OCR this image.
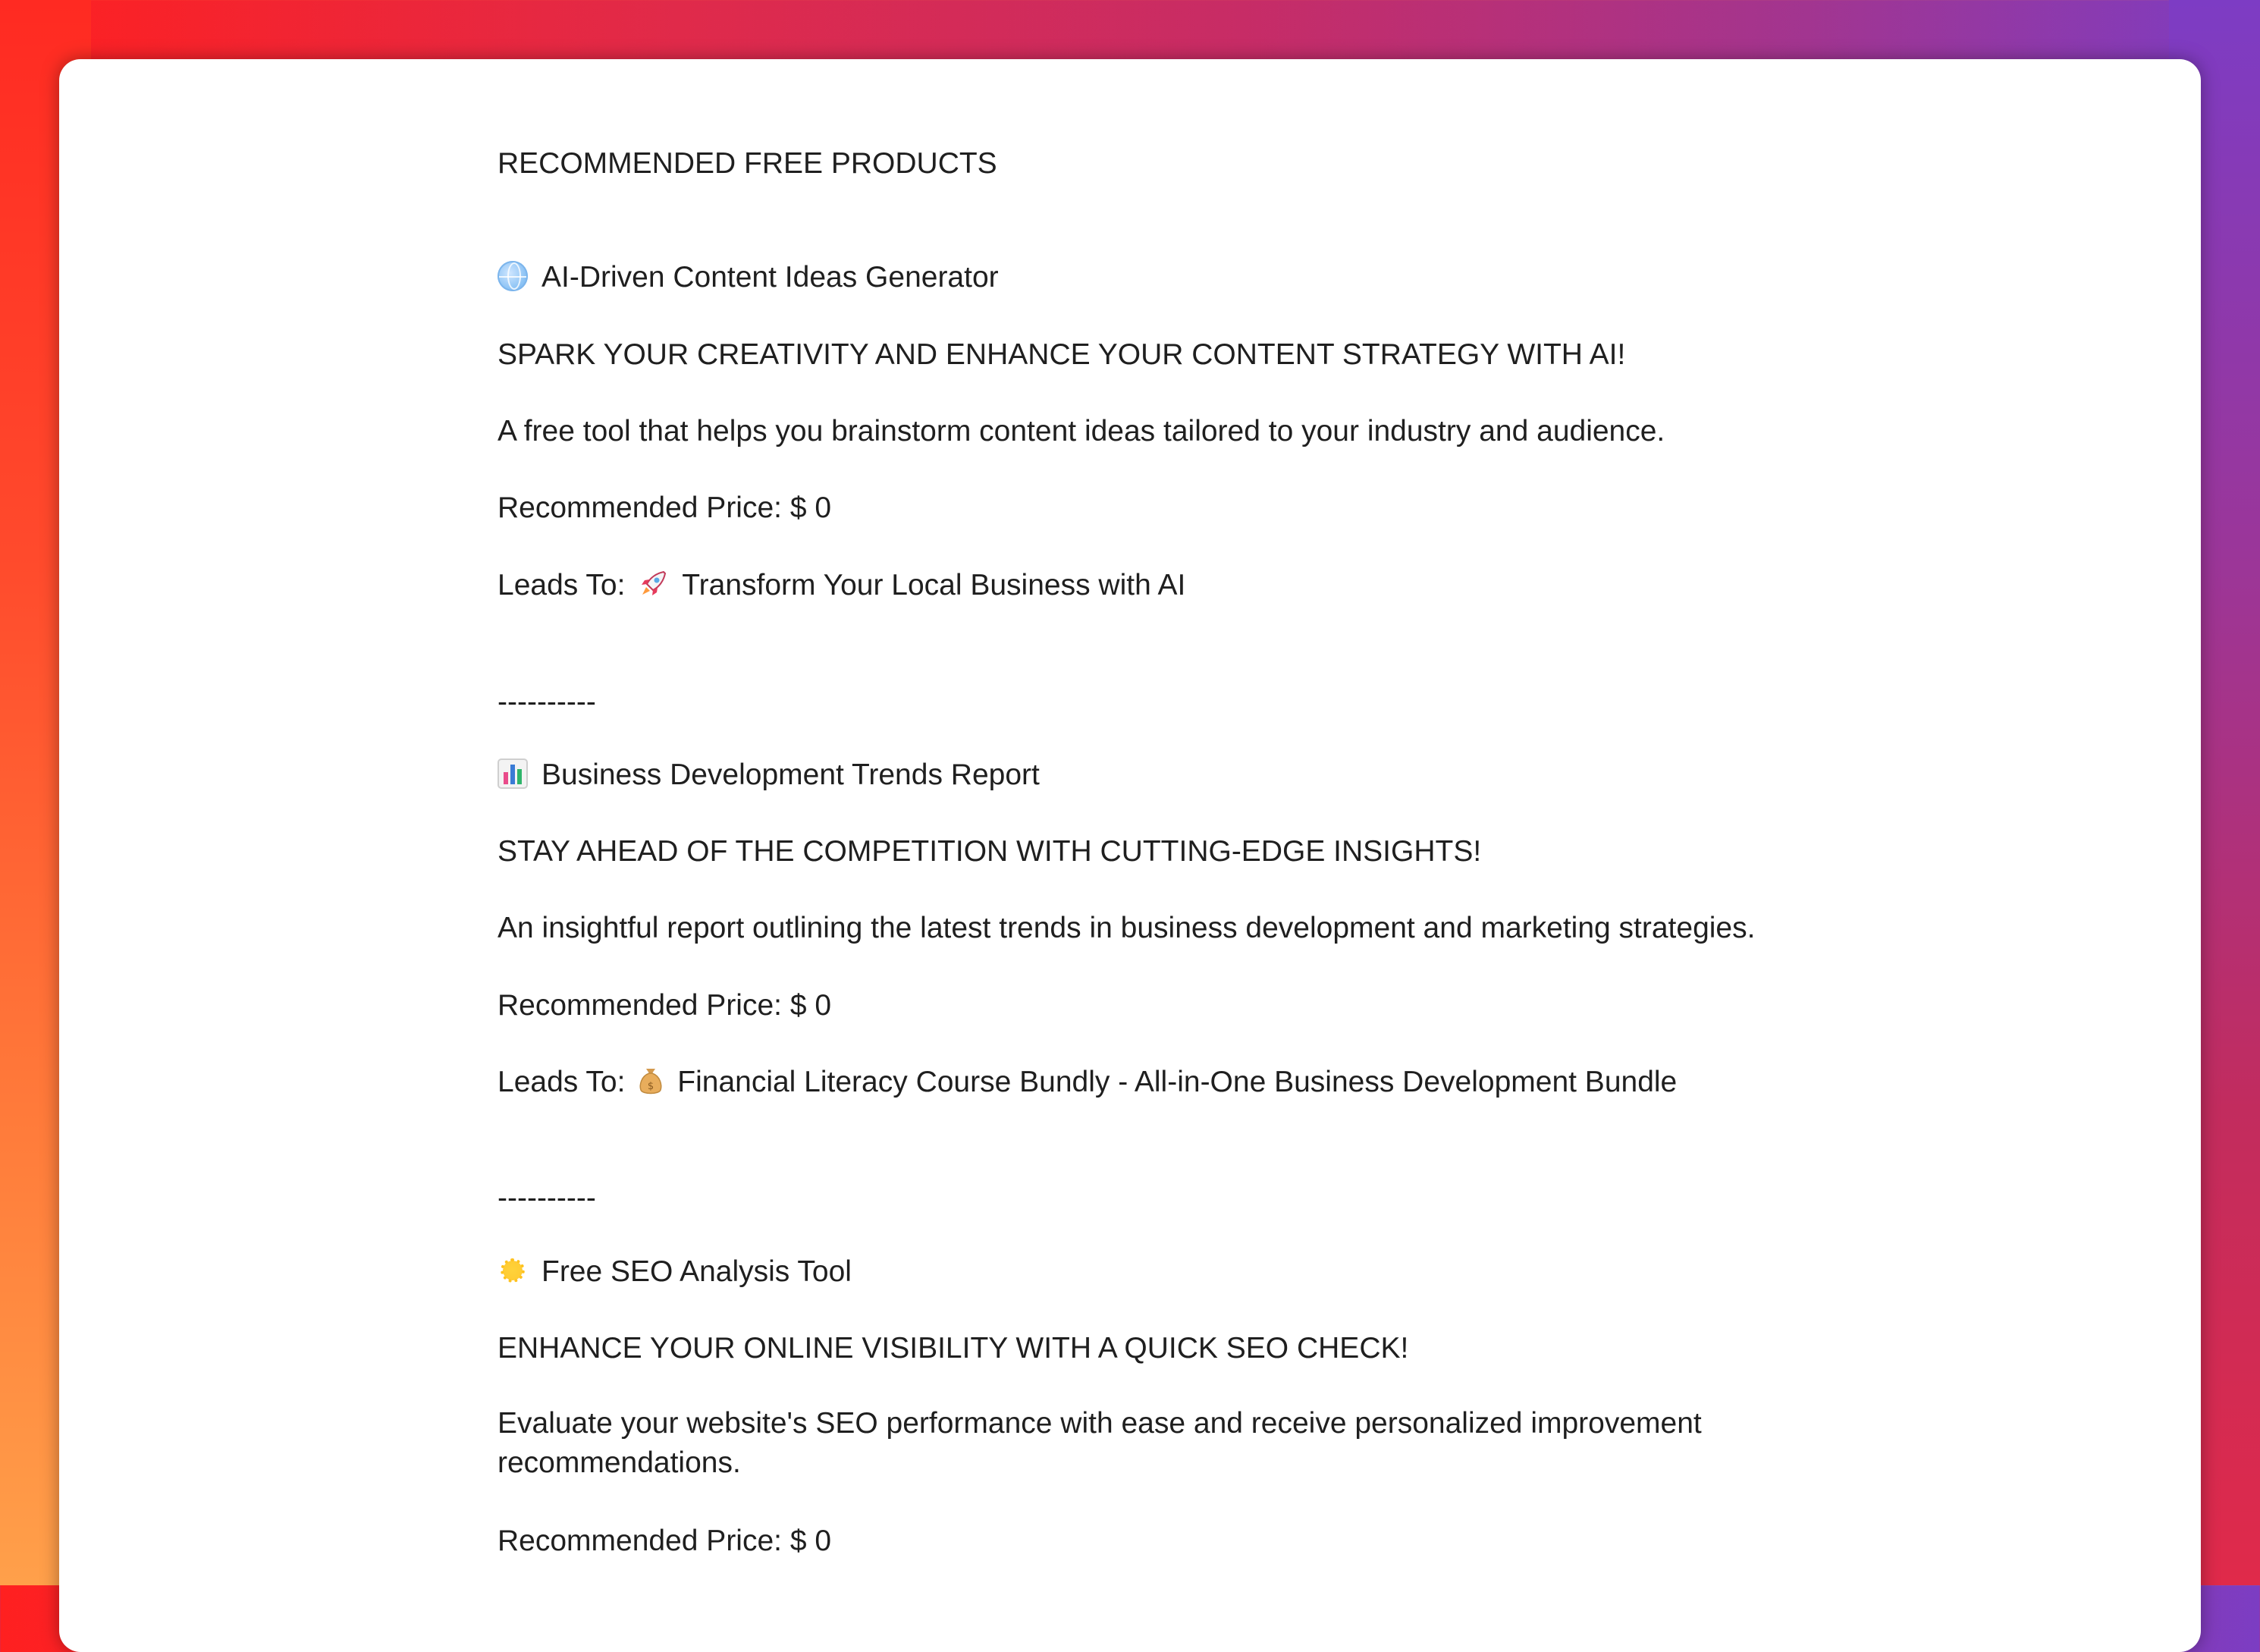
RECOMMENDED FREE PRODUCTS
AI-Driven Content Ideas Generator
SPARK YOUR CREATIVITY AND ENHANCE YOUR CONTENT STRATEGY WITH AI!
A free tool that helps you brainstorm content ideas tailored to your industry and audience.
Recommended Price: $ 0
Leads To: Transform Your Local Business with AI
----------
Business Development Trends Report
STAY AHEAD OF THE COMPETITION WITH CUTTING-EDGE INSIGHTS!
An insightful report outlining the latest trends in business development and marketing strategies.
Recommended Price: $ 0
Leads To: $ Financial Literacy Course Bundly - All-in-One Business Development Bundle
----------
Free SEO Analysis Tool
ENHANCE YOUR ONLINE VISIBILITY WITH A QUICK SEO CHECK!
Evaluate your website's SEO performance with ease and receive personalized improvement recommendations.
Recommended Price: $ 0
